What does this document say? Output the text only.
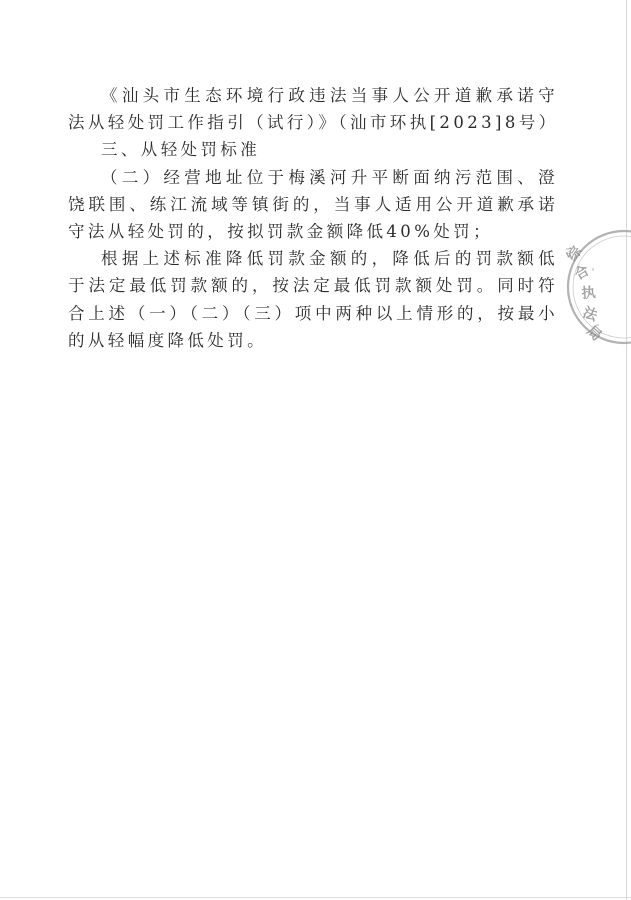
《汕头市生态环境行政违法当事人公开道歉承诺守法从轻处罚工作指引（试行）》（汕市环执[2023]8号）

三、从轻处罚标准

（二）经营地址位于梅溪河升平断面纳污范围、澄饶联围、练江流域等镇街的，当事人适用公开道歉承诺守法从轻处罚的，按拟罚款金额降低40%处罚；

根据上述标准降低罚款金额的，降低后的罚款额低于法定最低罚款额的，按法定最低罚款额处罚。同时符合上述（一）（二）（三）项中两种以上情形的，按最小的从轻幅度降低处罚。

综
合
执
法
局
